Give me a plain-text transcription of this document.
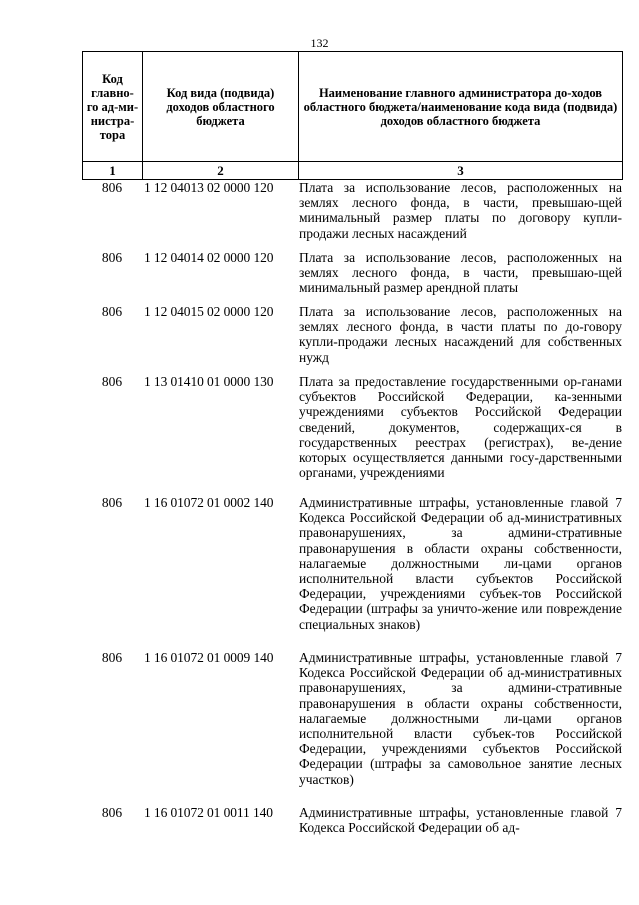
132
Код главно-го ад-ми-нистра-тора	Код вида (подвида) доходов областного бюджета	Наименование главного администратора до-ходов областного бюджета/наименование кода вида (подвида) доходов областного бюджета
1	2	3
806	1 12 04013 02 0000 120	Плата за использование лесов, расположенных на землях лесного фонда, в части, превышаю-щей минимальный размер платы по договору купли-продажи лесных насаждений
806	1 12 04014 02 0000 120	Плата за использование лесов, расположенных на землях лесного фонда, в части, превышаю-щей минимальный размер арендной платы
806	1 12 04015 02 0000 120	Плата за использование лесов, расположенных на землях лесного фонда, в части платы по до-говору купли-продажи лесных насаждений для собственных нужд
806	1 13 01410 01 0000 130	Плата за предоставление государственными ор-ганами субъектов Российской Федерации, ка-зенными учреждениями субъектов Российской Федерации сведений, документов, содержащих-ся в государственных реестрах (регистрах), ве-дение которых осуществляется данными госу-дарственными органами, учреждениями
806	1 16 01072 01 0002 140	Административные штрафы, установленные главой 7 Кодекса Российской Федерации об ад-министративных правонарушениях, за админи-стративные правонарушения в области охраны собственности, налагаемые должностными ли-цами органов исполнительной власти субъектов Российской Федерации, учреждениями субъек-тов Российской Федерации (штрафы за уничто-жение или повреждение специальных знаков)
806	1 16 01072 01 0009 140	Административные штрафы, установленные главой 7 Кодекса Российской Федерации об ад-министративных правонарушениях, за админи-стративные правонарушения в области охраны собственности, налагаемые должностными ли-цами органов исполнительной власти субъек-тов Российской Федерации, учреждениями субъектов Российской Федерации (штрафы за самовольное занятие лесных участков)
806	1 16 01072 01 0011 140	Административные штрафы, установленные главой 7 Кодекса Российской Федерации об ад-
